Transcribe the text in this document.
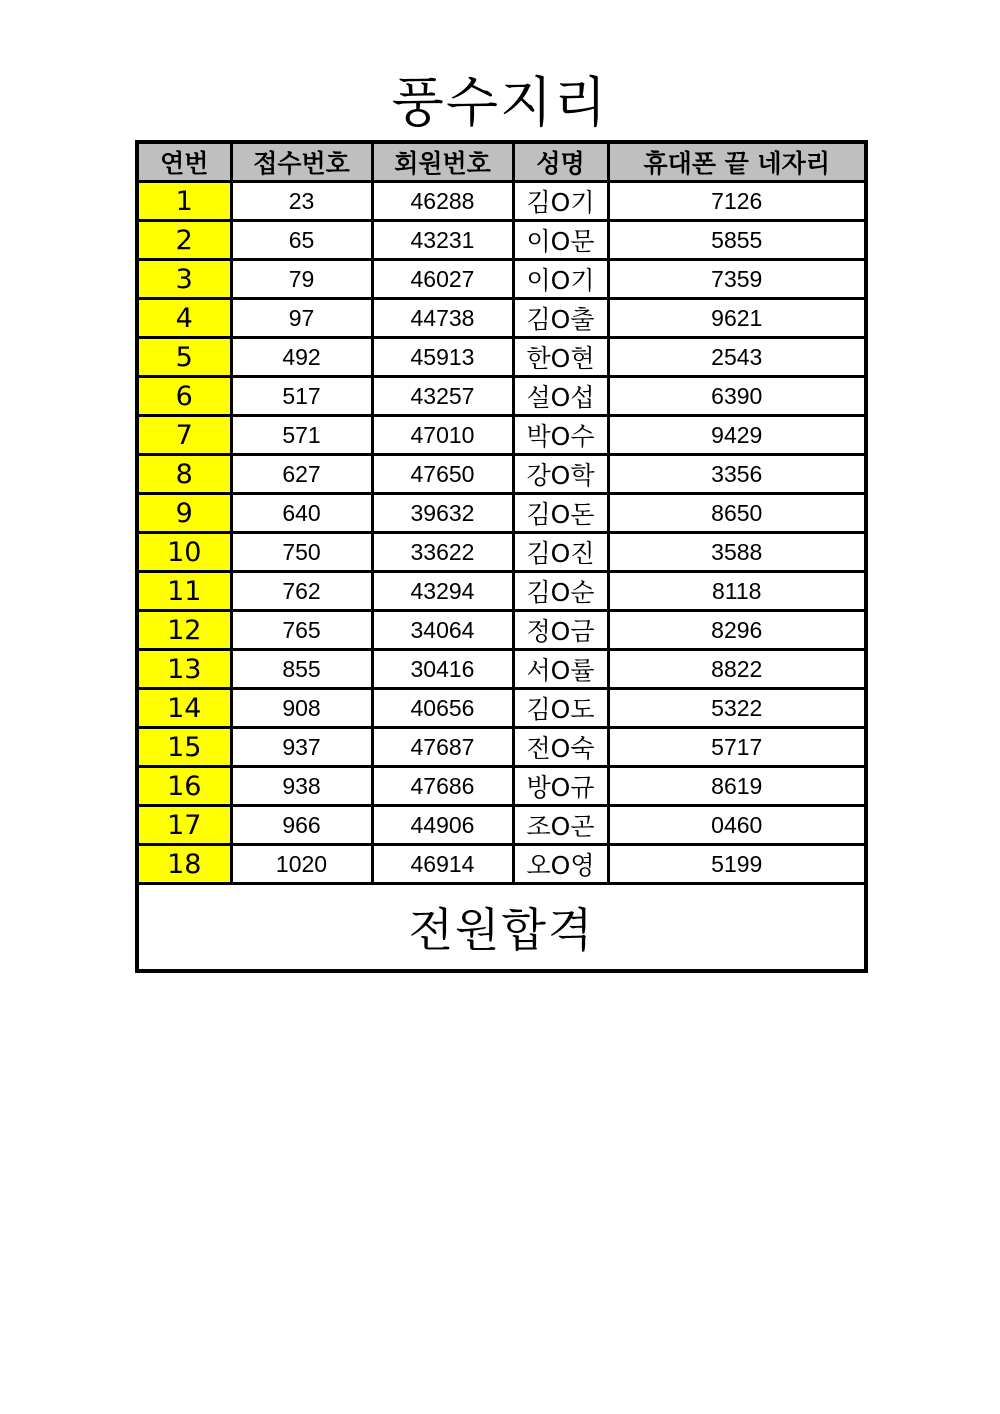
풍수지리
연번	접수번호	회원번호	성명	휴대폰 끝 네자리
1	23	46288	김O기	7126
2	65	43231	이O문	5855
3	79	46027	이O기	7359
4	97	44738	김O출	9621
5	492	45913	한O현	2543
6	517	43257	설O섭	6390
7	571	47010	박O수	9429
8	627	47650	강O학	3356
9	640	39632	김O돈	8650
10	750	33622	김O진	3588
11	762	43294	김O순	8118
12	765	34064	정O금	8296
13	855	30416	서O률	8822
14	908	40656	김O도	5322
15	937	47687	전O숙	5717
16	938	47686	방O규	8619
17	966	44906	조O곤	0460
18	1020	46914	오O영	5199
전원합격				
